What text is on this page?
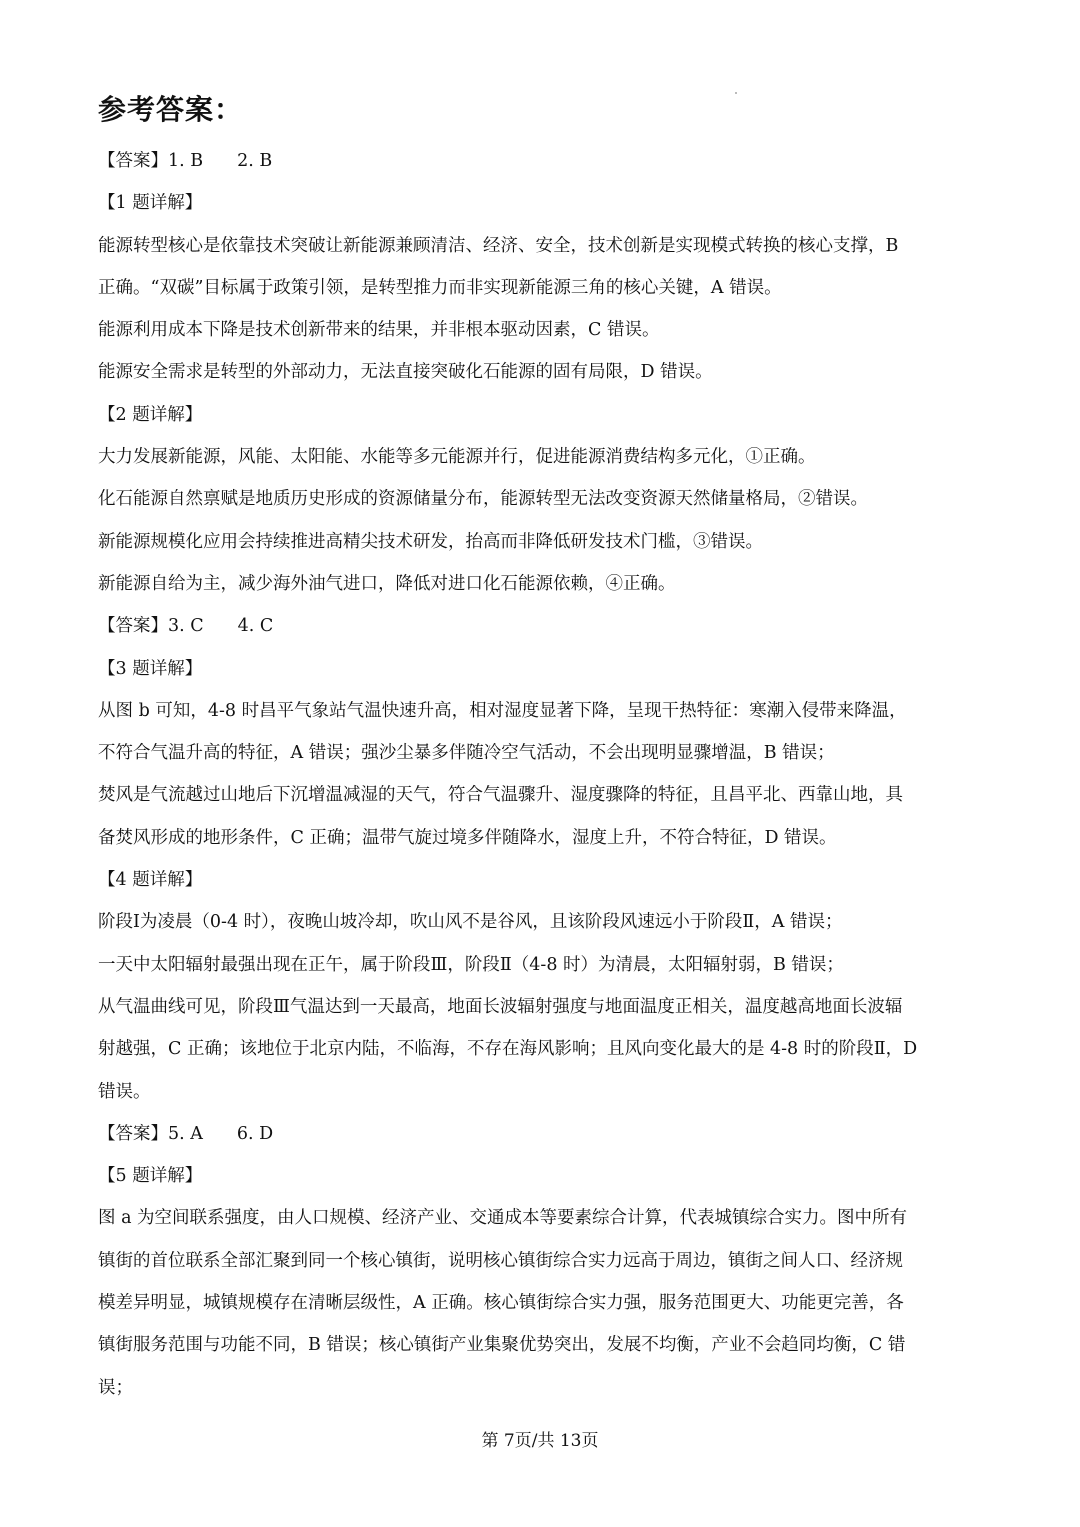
参考答案：

【答案】1. B 2. B

【1 题详解】

能源转型核心是依靠技术突破让新能源兼顾清洁、经济、安全，技术创新是实现模式转换的核心支撑，B

正确。“双碳”目标属于政策引领，是转型推力而非实现新能源三角的核心关键，A 错误。

能源利用成本下降是技术创新带来的结果，并非根本驱动因素，C 错误。

能源安全需求是转型的外部动力，无法直接突破化石能源的固有局限，D 错误。

【2 题详解】

大力发展新能源，风能、太阳能、水能等多元能源并行，促进能源消费结构多元化，①正确。

化石能源自然禀赋是地质历史形成的资源储量分布，能源转型无法改变资源天然储量格局，②错误。

新能源规模化应用会持续推进高精尖技术研发，抬高而非降低研发技术门槛，③错误。

新能源自给为主，减少海外油气进口，降低对进口化石能源依赖，④正确。

【答案】3. C 4. C

【3 题详解】

从图 b 可知，4-8 时昌平气象站气温快速升高，相对湿度显著下降，呈现干热特征：寒潮入侵带来降温，

不符合气温升高的特征，A 错误；强沙尘暴多伴随冷空气活动，不会出现明显骤增温，B 错误；

焚风是气流越过山地后下沉增温减湿的天气，符合气温骤升、湿度骤降的特征，且昌平北、西靠山地，具

备焚风形成的地形条件，C 正确；温带气旋过境多伴随降水，湿度上升，不符合特征，D 错误。

【4 题详解】

阶段Ⅰ为凌晨（0-4 时），夜晚山坡冷却，吹山风不是谷风，且该阶段风速远小于阶段Ⅱ，A 错误；

一天中太阳辐射最强出现在正午，属于阶段Ⅲ，阶段Ⅱ（4-8 时）为清晨，太阳辐射弱，B 错误；

从气温曲线可见，阶段Ⅲ气温达到一天最高，地面长波辐射强度与地面温度正相关，温度越高地面长波辐

射越强，C 正确；该地位于北京内陆，不临海，不存在海风影响；且风向变化最大的是 4-8 时的阶段Ⅱ，D

错误。

【答案】5. A 6. D

【5 题详解】

图 a 为空间联系强度，由人口规模、经济产业、交通成本等要素综合计算，代表城镇综合实力。图中所有

镇街的首位联系全部汇聚到同一个核心镇街，说明核心镇街综合实力远高于周边，镇街之间人口、经济规

模差异明显，城镇规模存在清晰层级性，A 正确。核心镇街综合实力强，服务范围更大、功能更完善，各

镇街服务范围与功能不同，B 错误；核心镇街产业集聚优势突出，发展不均衡，产业不会趋同均衡，C 错

误；

第 7页/共 13页
